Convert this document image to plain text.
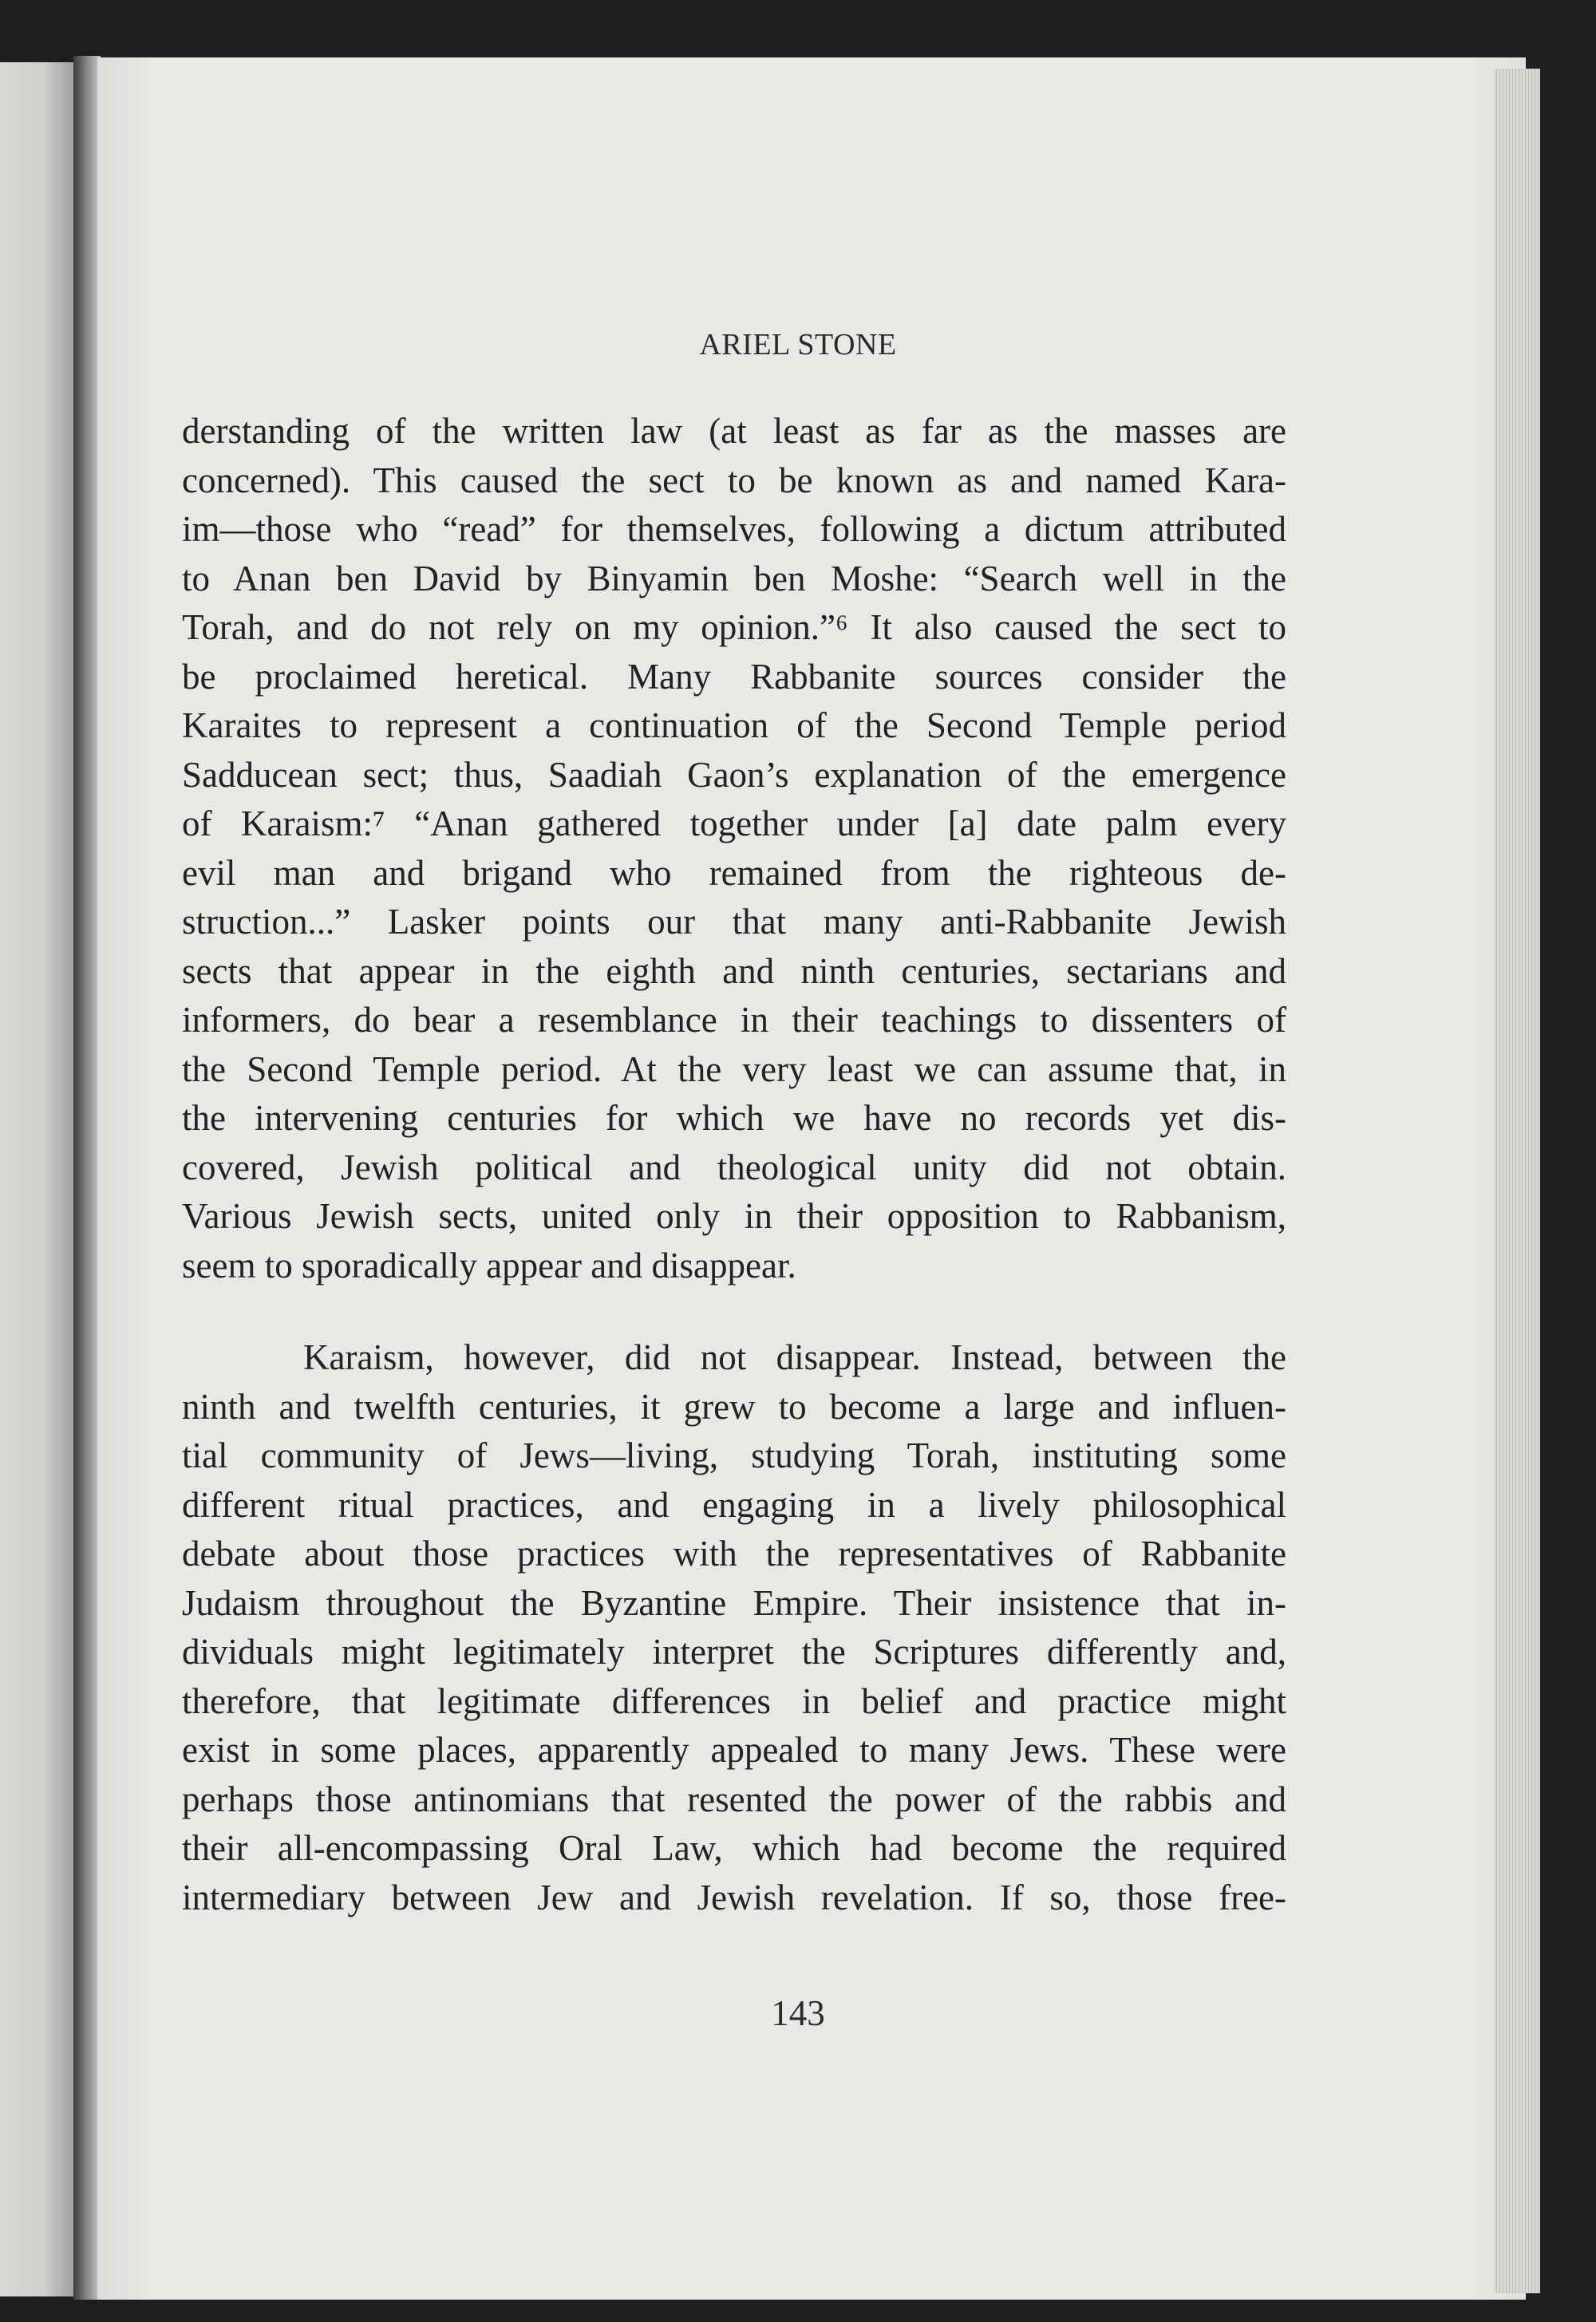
ARIEL STONE
derstanding of the written law (at least as far as the masses are
concerned). This caused the sect to be known as and named Kara-
im—those who “read” for themselves, following a dictum attributed
to Anan ben David by Binyamin ben Moshe: “Search well in the
Torah, and do not rely on my opinion.”⁶ It also caused the sect to
be proclaimed heretical. Many Rabbanite sources consider the
Karaites to represent a continuation of the Second Temple period
Sadducean sect; thus, Saadiah Gaon’s explanation of the emergence
of Karaism:⁷ “Anan gathered together under [a] date palm every
evil man and brigand who remained from the righteous de-
struction...” Lasker points our that many anti-Rabbanite Jewish
sects that appear in the eighth and ninth centuries, sectarians and
informers, do bear a resemblance in their teachings to dissenters of
the Second Temple period. At the very least we can assume that, in
the intervening centuries for which we have no records yet dis-
covered, Jewish political and theological unity did not obtain.
Various Jewish sects, united only in their opposition to Rabbanism,
seem to sporadically appear and disappear.
Karaism, however, did not disappear. Instead, between the
ninth and twelfth centuries, it grew to become a large and influen-
tial community of Jews—living, studying Torah, instituting some
different ritual practices, and engaging in a lively philosophical
debate about those practices with the representatives of Rabbanite
Judaism throughout the Byzantine Empire. Their insistence that in-
dividuals might legitimately interpret the Scriptures differently and,
therefore, that legitimate differences in belief and practice might
exist in some places, apparently appealed to many Jews. These were
perhaps those antinomians that resented the power of the rabbis and
their all-encompassing Oral Law, which had become the required
intermediary between Jew and Jewish revelation. If so, those free-

143
